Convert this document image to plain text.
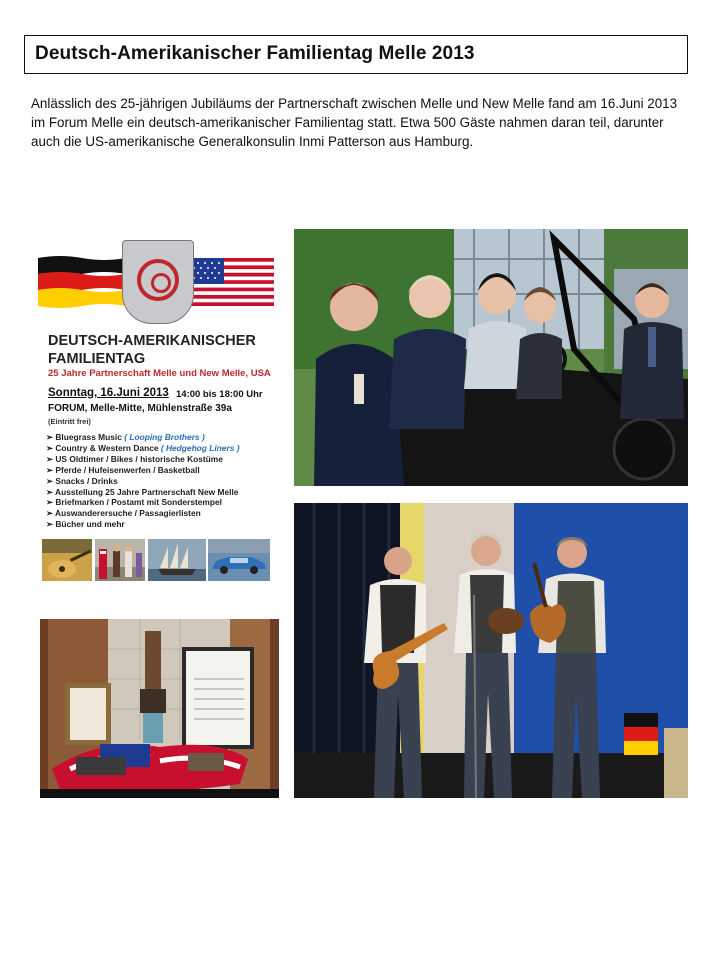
Deutsch-Amerikanischer Familientag Melle 2013

Anlässlich des 25-jährigen Jubiläums der Partnerschaft zwischen Melle und New Melle fand am 16.Juni 2013 im Forum Melle ein deutsch-amerikanischer Familientag statt. Etwa 500 Gäste nahmen daran teil, darunter auch die US-amerikanische Generalkonsulin Inmi Patterson aus Hamburg.

DEUTSCH-AMERIKANISCHER
FAMILIENTAG
25 Jahre Partnerschaft Melle und New Melle, USA
Sonntag, 16.Juni 2013 14:00 bis 18:00 Uhr
FORUM, Melle-Mitte, Mühlenstraße 39a
(Eintritt frei)
➢ Bluegrass Music ( Looping Brothers )
➢ Country & Western Dance ( Hedgehog Liners )
➢ US Oldtimer / Bikes / historische Kostüme
➢ Pferde / Hufeisenwerfen / Basketball
➢ Snacks / Drinks
➢ Ausstellung 25 Jahre Partnerschaft New Melle
➢ Briefmarken / Postamt mit Sonderstempel
➢ Auswanderersuche / Passagierlisten
➢ Bücher und mehr
